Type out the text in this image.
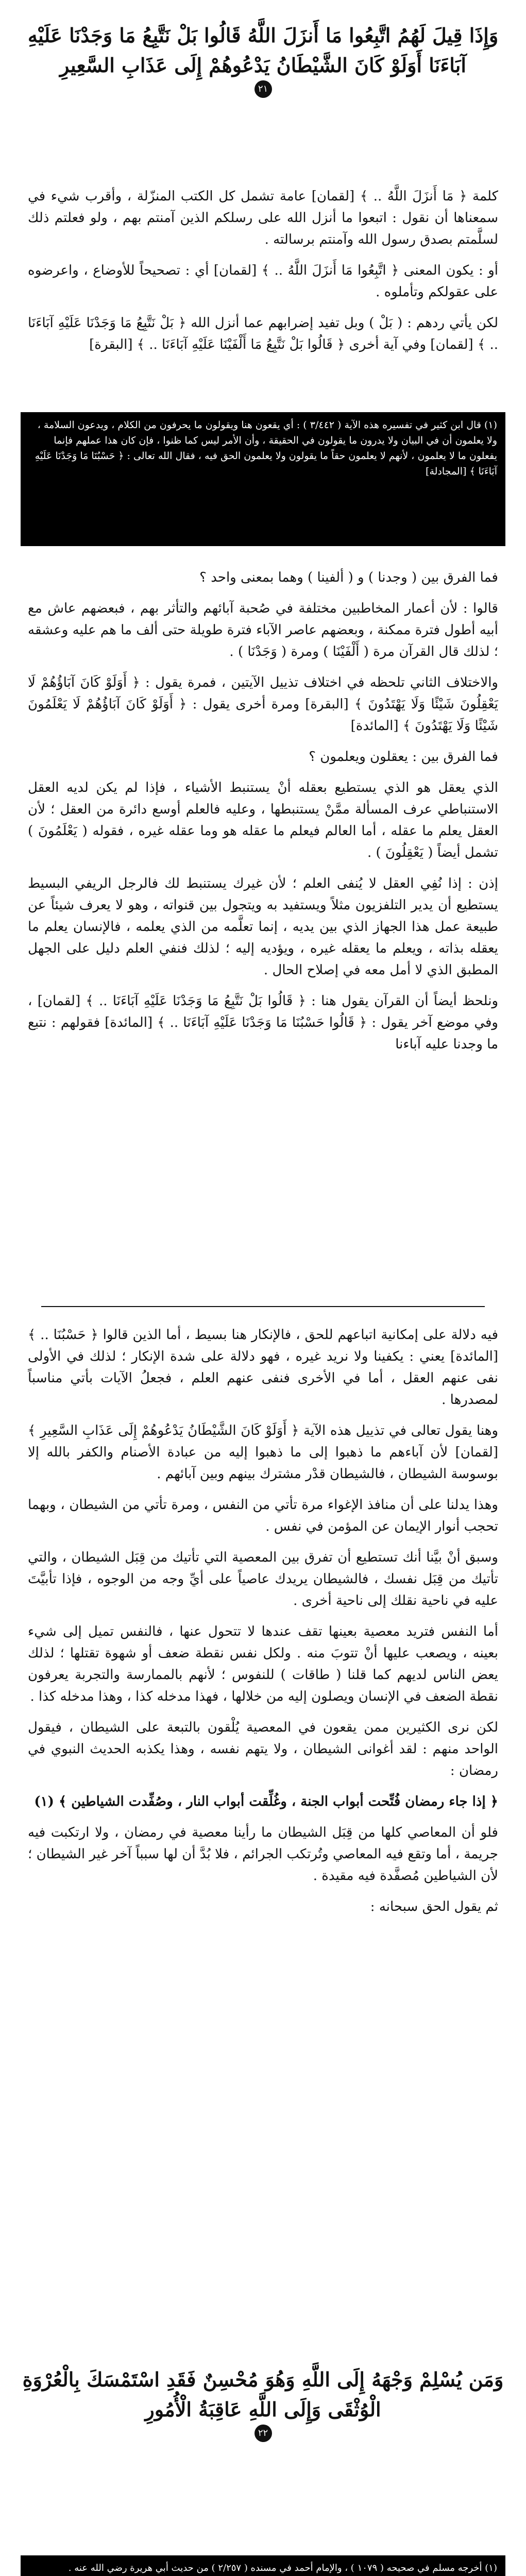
وَإِذَا قِيلَ لَهُمُ اتَّبِعُوا مَا أَنزَلَ اللَّهُ قَالُوا بَلْ نَتَّبِعُ مَا وَجَدْنَا عَلَيْهِ آبَاءَنَا أَوَلَوْ كَانَ الشَّيْطَانُ يَدْعُوهُمْ إِلَى عَذَابِ السَّعِيرِ
٢١

كلمة ﴿ مَا أَنزَلَ اللَّهُ .. ﴾ [لقمان] عامة تشمل كل الكتب المنزّلة ، وأقرب شيء في سمعناها أن نقول : اتبعوا ما أنزل الله على رسلكم الذين آمنتم بهم ، ولو فعلتم ذلك لسلَّمتم بصدق رسول الله وآمنتم برسالته .

أو : يكون المعنى ﴿ اتَّبِعُوا مَا أَنزَلَ اللَّهُ .. ﴾ [لقمان] أي : تصحيحاً للأوضاع ، واعرضوه على عقولكم وتأملوه .

لكن يأتي ردهم : ( بَلْ ) وبل تفيد إضرابهم عما أنزل الله ﴿ بَلْ نَتَّبِعُ مَا وَجَدْنَا عَلَيْهِ آبَاءَنَا .. ﴾ [لقمان] وفي آية أخرى ﴿ قَالُوا بَلْ نَتَّبِعُ مَا أَلْفَيْنَا عَلَيْهِ آبَاءَنَا .. ﴾ [البقرة]

(١) قال ابن كثير في تفسيره هذه الآية ( ٣/٤٤٢ ) : أي يقعون هنا ويقولون ما يحرفون من الكلام ، ويدعون السلامة ، ولا يعلمون أن في البيان ولا يدرون ما يقولون في الحقيقة ، وأن الأمر ليس كما ظنوا ، فإن كان هذا عملهم فإنما يفعلون ما لا يعلمون ، لأنهم لا يعلمون حقاً ما يقولون ولا يعلمون الحق فيه ، فقال الله تعالى : ﴿ حَسْبُنَا مَا وَجَدْنَا عَلَيْهِ آبَاءَنَا ﴾ [المجادلة]

فما الفرق بين ( وجدنا ) و ( ألفينا ) وهما بمعنى واحد ؟

قالوا : لأن أعمار المخاطبين مختلفة في صُحبة آبائهم والتأثر بهم ، فبعضهم عاش مع أبيه أطول فترة ممكنة ، وبعضهم عاصر الآباء فترة طويلة حتى ألف ما هم عليه وعشقه ؛ لذلك قال القرآن مرة ( أَلْفَيْنَا ) ومرة ( وَجَدْنَا ) .

والاختلاف الثاني تلحظه في اختلاف تذييل الآيتين ، فمرة يقول : ﴿ أَوَلَوْ كَانَ آبَاؤُهُمْ لَا يَعْقِلُونَ شَيْئًا وَلَا يَهْتَدُونَ ﴾ [البقرة] ومرة أخرى يقول : ﴿ أَوَلَوْ كَانَ آبَاؤُهُمْ لَا يَعْلَمُونَ شَيْئًا وَلَا يَهْتَدُونَ ﴾ [المائدة]

فما الفرق بين : يعقلون ويعلمون ؟

الذي يعقل هو الذي يستطيع بعقله أنْ يستنبط الأشياء ، فإذا لم يكن لديه العقل الاستنباطي عرف المسألة ممَّنْ يستنبطها ، وعليه فالعلم أوسع دائرة من العقل ؛ لأن العقل يعلم ما عقله ، أما العالم فيعلم ما عقله هو وما عقله غيره ، فقوله ( يَعْلَمُونَ ) تشمل أيضاً ( يَعْقِلُونَ ) .

إذن : إذا نُفِي العقل لا يُنفى العلم ؛ لأن غيرك يستنبط لك فالرجل الريفي البسيط يستطيع أن يدير التلفزيون مثلاً ويستفيد به ويتجول بين قنواته ، وهو لا يعرف شيئاً عن طبيعة عمل هذا الجهاز الذي بين يديه ، إنما تعلَّمه من الذي يعلمه ، فالإنسان يعلم ما يعقله بذاته ، ويعلم ما يعقله غيره ، ويؤديه إليه ؛ لذلك فنفي العلم دليل على الجهل المطبق الذي لا أمل معه في إصلاح الحال .

ونلحظ أيضاً أن القرآن يقول هنا : ﴿ قَالُوا بَلْ نَتَّبِعُ مَا وَجَدْنَا عَلَيْهِ آبَاءَنَا .. ﴾ [لقمان] ، وفي موضع آخر يقول : ﴿ قَالُوا حَسْبُنَا مَا وَجَدْنَا عَلَيْهِ آبَاءَنَا .. ﴾ [المائدة] فقولهم : نتبع ما وجدنا عليه آباءنا

فيه دلالة على إمكانية اتباعهم للحق ، فالإنكار هنا بسيط ، أما الذين قالوا ﴿ حَسْبُنَا .. ﴾ [المائدة] يعني : يكفينا ولا نريد غيره ، فهو دلالة على شدة الإنكار ؛ لذلك في الأولى نفى عنهم العقل ، أما في الأخرى فنفى عنهم العلم ، فجعلُ الآيات بأتي مناسباً لمصدرها .

وهنا يقول تعالى في تذييل هذه الآية ﴿ أَوَلَوْ كَانَ الشَّيْطَانُ يَدْعُوهُمْ إِلَى عَذَابِ السَّعِيرِ ﴾ [لقمان] لأن آباءهم ما ذهبوا إلى ما ذهبوا إليه من عبادة الأصنام والكفر بالله إلا بوسوسة الشيطان ، فالشيطان قدْر مشترك بينهم وبين آبائهم .

وهذا يدلنا على أن منافذ الإغواء مرة تأتي من النفس ، ومرة تأتي من الشيطان ، وبهما تحجب أنوار الإيمان عن المؤمن في نفس .

وسبق أنْ بيَّنا أنك تستطيع أن تفرق بين المعصية التي تأتيك من قِبَل الشيطان ، والتي تأتيك من قِبَل نفسك ، فالشيطان يريدك عاصياً على أيِّ وجه من الوجوه ، فإذا تأبيَّتَ عليه في ناحية نقلك إلى ناحية أخرى .

أما النفس فتريد معصية بعينها تقف عندها لا تتحول عنها ، فالنفس تميل إلى شيء بعينه ، ويصعب عليها أنْ تتوبَ منه . ولكل نفس نقطة ضعف أو شهوة تقتلها ؛ لذلك يعض الناس لديهم كما قلنا ( طاقات ) للنفوس ؛ لأنهم بالممارسة والتجربة يعرفون نقطة الضعف في الإنسان ويصلون إليه من خلالها ، فهذا مدخله كذا ، وهذا مدخله كذا .

لكن نرى الكثيرين ممن يقعون في المعصية يُلْقون بالتبعة على الشيطان ، فيقول الواحد منهم : لقد أغوانى الشيطان ، ولا يتهم نفسه ، وهذا يكذبه الحديث النبوي في رمضان :

﴿ إذا جاء رمضان فُتِّحت أبواب الجنة ، وغُلِّقت أبواب النار ، وصُفِّدت الشياطين ﴾ (١)

فلو أن المعاصي كلها من قِبَل الشيطان ما رأينا معصية في رمضان ، ولا ارتكبت فيه جريمة ، أما وتقع فيه المعاصي وتُرتكب الجرائم ، فلا بُدَّ أن لها سبباً آخر غير الشيطان ؛ لأن الشياطين مُصفَّدة فيه مقيدة .

ثم يقول الحق سبحانه :

وَمَن يُسْلِمْ وَجْهَهُ إِلَى اللَّهِ وَهُوَ مُحْسِنٌ فَقَدِ اسْتَمْسَكَ بِالْعُرْوَةِ الْوُثْقَى وَإِلَى اللَّهِ عَاقِبَةُ الْأُمُورِ
٢٢

(١) أخرجه مسلم في صحيحه ( ١٠٧٩ ) ، والإمام أحمد في مسنده ( ٢/٢٥٧ ) من حديث أبي هريرة رضي الله عنه .
